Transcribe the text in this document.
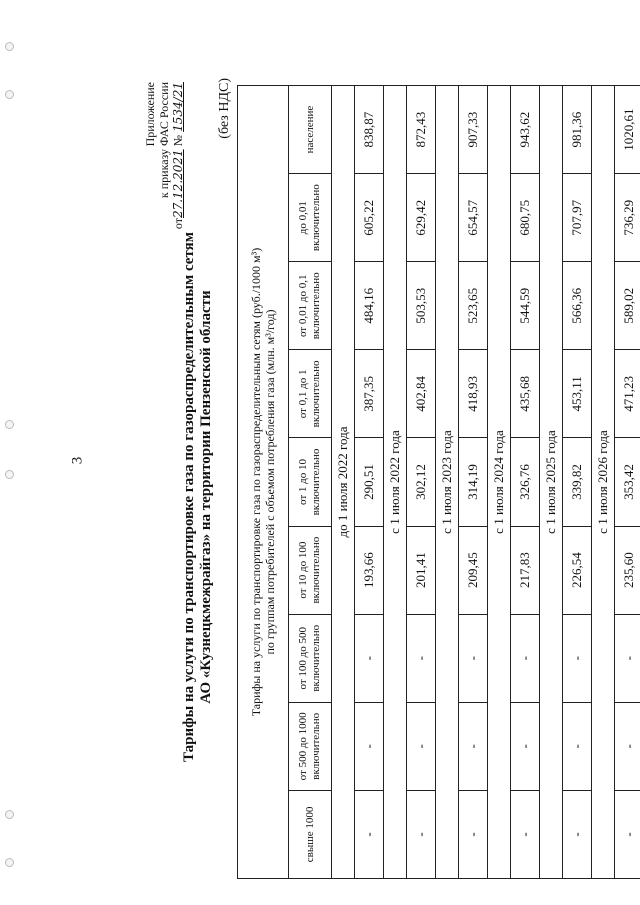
3
Приложение к приказу ФАС России
от27.12.2021 № 1534/21
Тарифы на услуги по транспортировке газа по газораспределительным сетям АО «Кузнецкмежрайгаз» на территории Пензенской области
(без НДС)
Тарифы на услуги по транспортировке газа по газораспределительным сетям (руб./1000 м³) по группам потребителей с объемом потребления газа (млн. м³/год)								

свыше 1000	от 500 до 1000 включительно	от 100 до 500 включительно	от 10 до 100 включительно	от 1 до 10 включительно	от 0,1 до 1 включительно	от 0,01 до 0,1 включительно	до 0,01 включительно	население
до 1 июля 2022 года								
-	-	-	193,66	290,51	387,35	484,16	605,22	838,87
с 1 июля 2022 года								
-	-	-	201,41	302,12	402,84	503,53	629,42	872,43
с 1 июля 2023 года								
-	-	-	209,45	314,19	418,93	523,65	654,57	907,33
с 1 июля 2024 года								
-	-	-	217,83	326,76	435,68	544,59	680,75	943,62
с 1 июля 2025 года								
-	-	-	226,54	339,82	453,11	566,36	707,97	981,36
с 1 июля 2026 года								
-	-	-	235,60	353,42	471,23	589,02	736,29	1020,61
